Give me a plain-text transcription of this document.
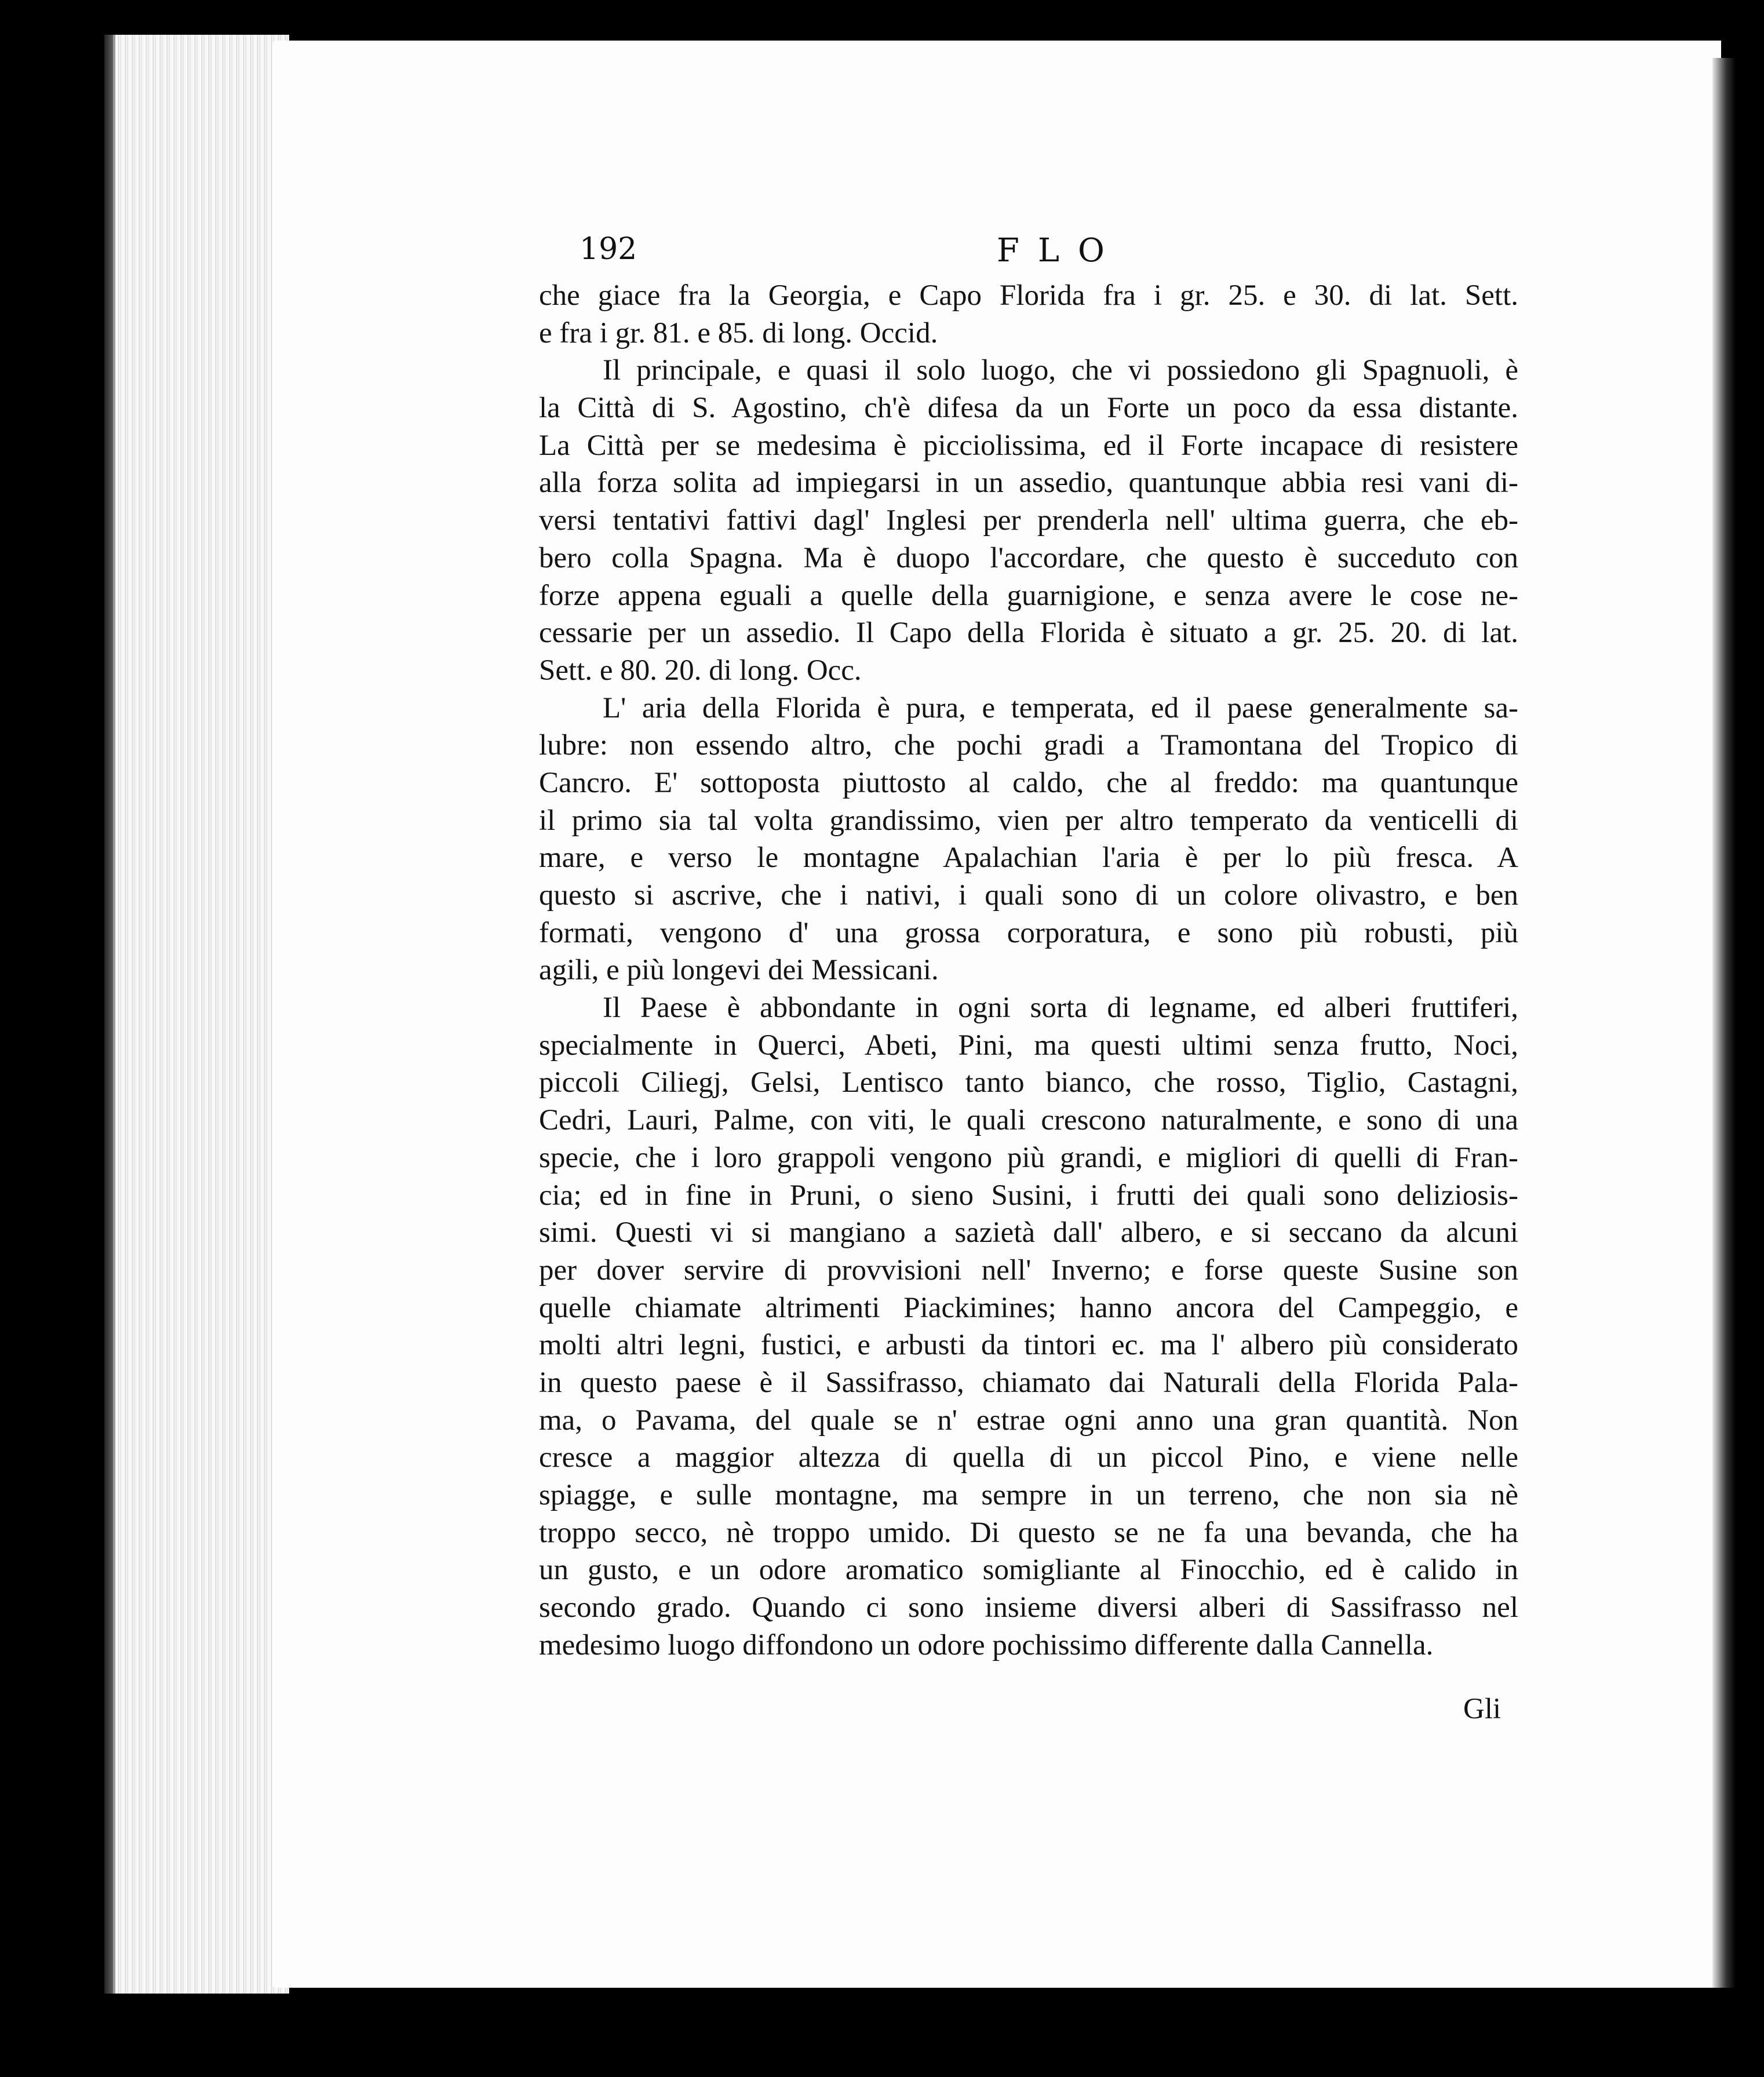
192	FLO
che giace fra la Georgia, e Capo Florida fra i gr. 25. e 30. di lat. Sett.
e fra i gr. 81. e 85. di long. Occid.
Il principale, e quasi il solo luogo, che vi possiedono gli Spagnuoli, è
la Città di S. Agostino, ch'è difesa da un Forte un poco da essa distante.
La Città per se medesima è picciolissima, ed il Forte incapace di resistere
alla forza solita ad impiegarsi in un assedio, quantunque abbia resi vani di-
versi tentativi fattivi dagl' Inglesi per prenderla nell' ultima guerra, che eb-
bero colla Spagna. Ma è duopo l'accordare, che questo è succeduto con
forze appena eguali a quelle della guarnigione, e senza avere le cose ne-
cessarie per un assedio. Il Capo della Florida è situato a gr. 25. 20. di lat.
Sett. e 80. 20. di long. Occ.
L' aria della Florida è pura, e temperata, ed il paese generalmente sa-
lubre: non essendo altro, che pochi gradi a Tramontana del Tropico di
Cancro. E' sottoposta piuttosto al caldo, che al freddo: ma quantunque
il primo sia tal volta grandissimo, vien per altro temperato da venticelli di
mare, e verso le montagne Apalachian l'aria è per lo più fresca. A
questo si ascrive, che i nativi, i quali sono di un colore olivastro, e ben
formati, vengono d' una grossa corporatura, e sono più robusti, più
agili, e più longevi dei Messicani.
Il Paese è abbondante in ogni sorta di legname, ed alberi fruttiferi,
specialmente in Querci, Abeti, Pini, ma questi ultimi senza frutto, Noci,
piccoli Ciliegj, Gelsi, Lentisco tanto bianco, che rosso, Tiglio, Castagni,
Cedri, Lauri, Palme, con viti, le quali crescono naturalmente, e sono di una
specie, che i loro grappoli vengono più grandi, e migliori di quelli di Fran-
cia; ed in fine in Pruni, o sieno Susini, i frutti dei quali sono deliziosis-
simi. Questi vi si mangiano a sazietà dall' albero, e si seccano da alcuni
per dover servire di provvisioni nell' Inverno; e forse queste Susine son
quelle chiamate altrimenti Piackimines; hanno ancora del Campeggio, e
molti altri legni, fustici, e arbusti da tintori ec. ma l' albero più considerato
in questo paese è il Sassifrasso, chiamato dai Naturali della Florida Pala-
ma, o Pavama, del quale se n' estrae ogni anno una gran quantità. Non
cresce a maggior altezza di quella di un piccol Pino, e viene nelle
spiagge, e sulle montagne, ma sempre in un terreno, che non sia nè
troppo secco, nè troppo umido. Di questo se ne fa una bevanda, che ha
un gusto, e un odore aromatico somigliante al Finocchio, ed è calido in
secondo grado. Quando ci sono insieme diversi alberi di Sassifrasso nel
medesimo luogo diffondono un odore pochissimo differente dalla Cannella.
Gli
